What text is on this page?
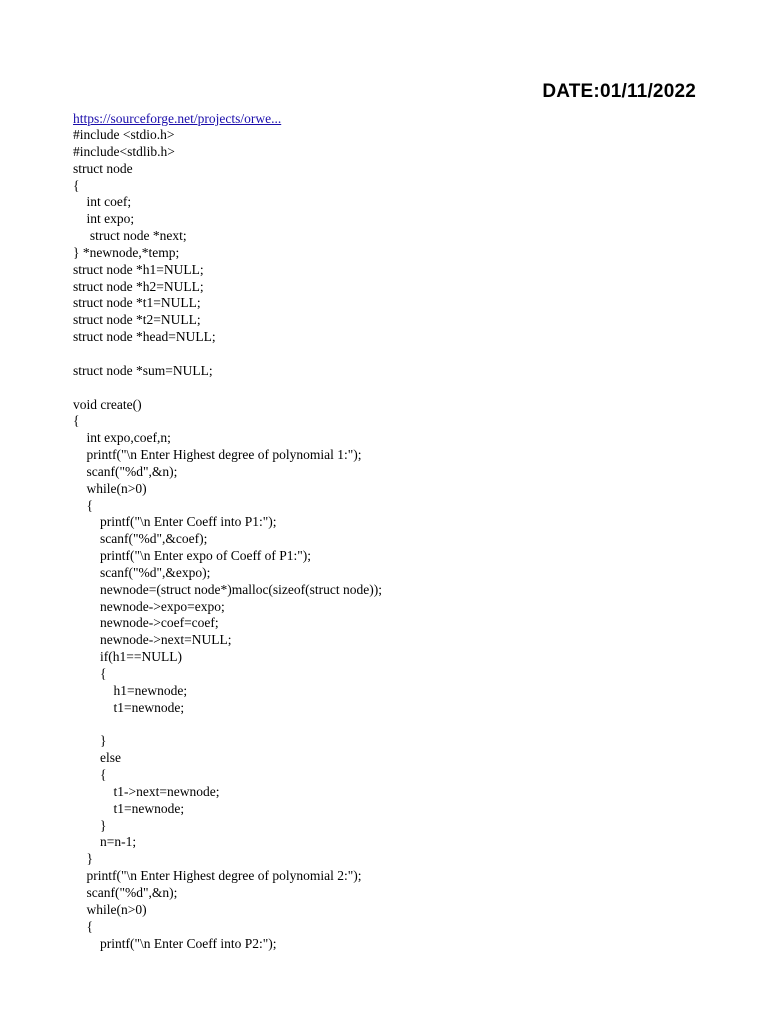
DATE:01/11/2022
https://sourceforge.net/projects/orwe...
#include <stdio.h>
#include<stdlib.h>
struct node
{
int coef;
int expo;
struct node *next;
} *newnode,*temp;
struct node *h1=NULL;
struct node *h2=NULL;
struct node *t1=NULL;
struct node *t2=NULL;
struct node *head=NULL;
struct node *sum=NULL;
void create()
{
int expo,coef,n;
printf("\n Enter Highest degree of polynomial 1:");
scanf("%d",&n);
while(n>0)
{
printf("\n Enter Coeff into P1:");
scanf("%d",&coef);
printf("\n Enter expo of Coeff of P1:");
scanf("%d",&expo);
newnode=(struct node*)malloc(sizeof(struct node));
newnode->expo=expo;
newnode->coef=coef;
newnode->next=NULL;
if(h1==NULL)
{
h1=newnode;
t1=newnode;
}
else
{
t1->next=newnode;
t1=newnode;
}
n=n-1;
}
printf("\n Enter Highest degree of polynomial 2:");
scanf("%d",&n);
while(n>0)
{
printf("\n Enter Coeff into P2:");
